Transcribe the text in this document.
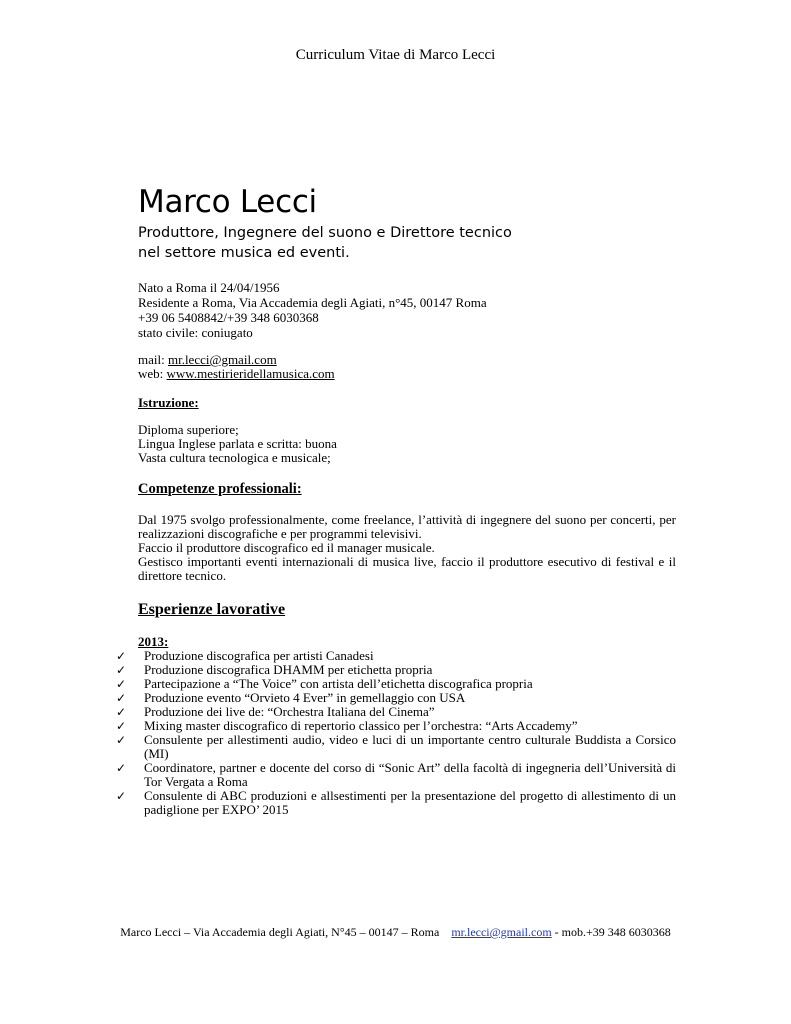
Curriculum Vitae di Marco Lecci
Marco Lecci
Produttore, Ingegnere del suono e Direttore tecnico
nel settore musica ed eventi.
Nato a Roma il 24/04/1956
Residente a Roma, Via Accademia degli Agiati, n°45, 00147 Roma
+39 06 5408842/+39 348 6030368
stato civile: coniugato
mail: mr.lecci@gmail.com
web: www.mestirieridellamusica.com
Istruzione:
Diploma superiore;
Lingua Inglese parlata e scritta: buona
Vasta cultura tecnologica e musicale;
Competenze professionali:
Dal 1975 svolgo professionalmente, come freelance, l’attività di ingegnere del suono per concerti, per realizzazioni discografiche e per programmi televisivi.
Faccio il produttore discografico ed il manager musicale.
Gestisco importanti eventi internazionali di musica live, faccio il produttore esecutivo di festival e il direttore tecnico.
Esperienze lavorative
2013:
✓ Produzione discografica per artisti Canadesi
✓ Produzione discografica DHAMM per etichetta propria
✓ Partecipazione a “The Voice” con artista dell’etichetta discografica propria
✓ Produzione evento “Orvieto 4 Ever” in gemellaggio con USA
✓ Produzione dei live de: “Orchestra Italiana del Cinema”
✓ Mixing master discografico di repertorio classico per l’orchestra: “Arts Accademy”
✓ Consulente per allestimenti audio, video e luci di un importante centro culturale Buddista a Corsico (MI)
✓ Coordinatore, partner e docente del corso di “Sonic Art” della facoltà di ingegneria dell’Università di Tor Vergata a Roma
✓ Consulente di ABC produzioni e allsestimenti per la presentazione del progetto di allestimento di un padiglione per EXPO’ 2015
Marco Lecci – Via Accademia degli Agiati, N°45 – 00147 – Roma mr.lecci@gmail.com - mob.+39 348 6030368
